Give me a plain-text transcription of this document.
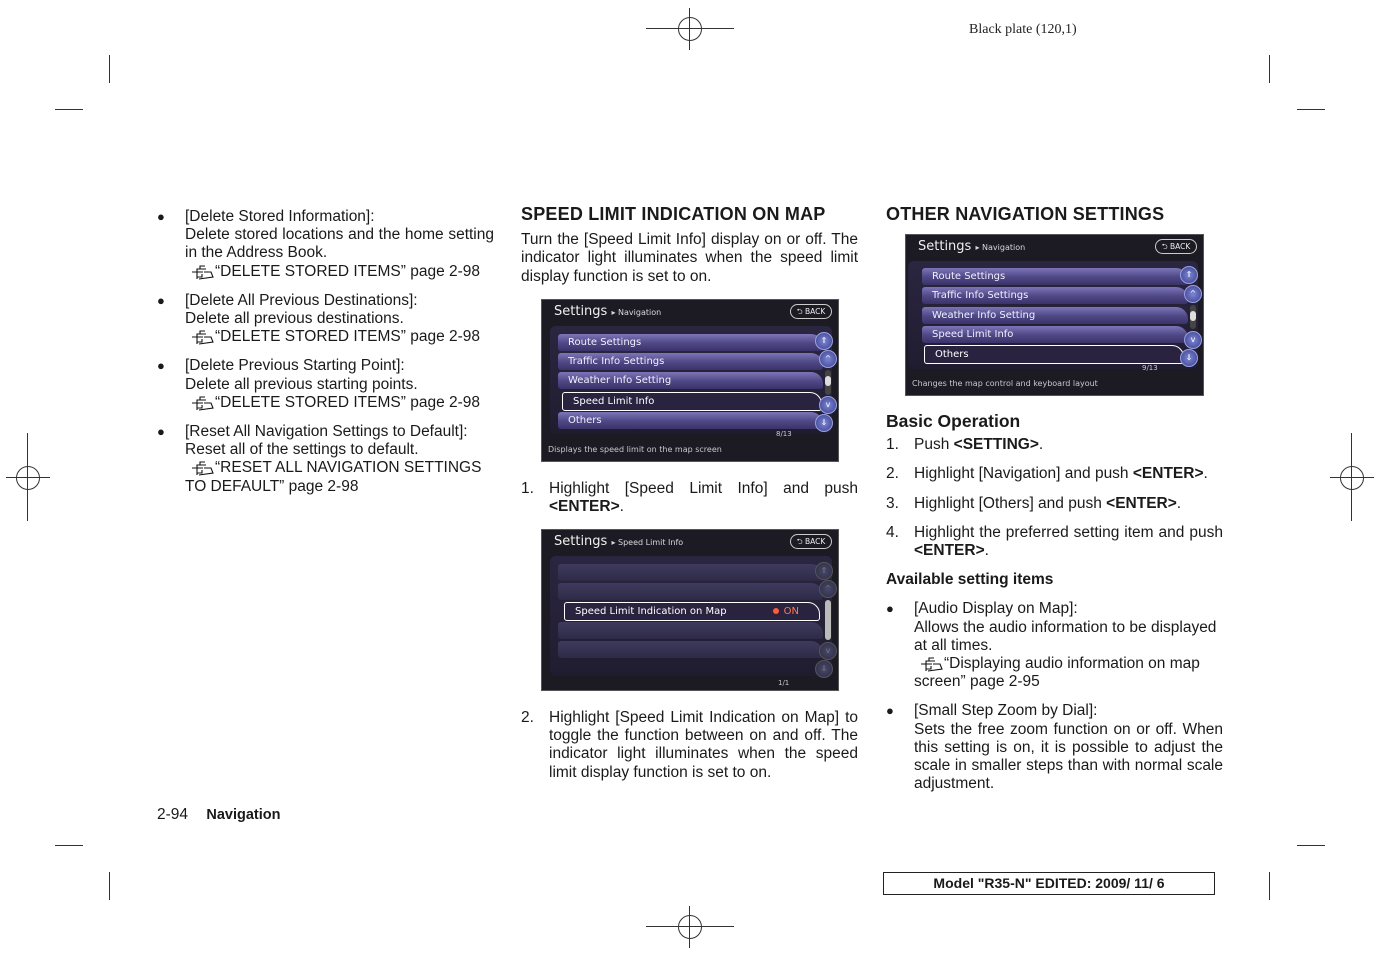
Black plate (120,1)
● [Delete Stored Information]:
Delete stored locations and the home setting in the Address Book.
“DELETE STORED ITEMS” page 2-98
● [Delete All Previous Destinations]:
Delete all previous destinations.
“DELETE STORED ITEMS” page 2-98
● [Delete Previous Starting Point]:
Delete all previous starting points.
“DELETE STORED ITEMS” page 2-98
● [Reset All Navigation Settings to Default]:
Reset all of the settings to default.
“RESET ALL NAVIGATION SETTINGS
TO DEFAULT” page 2-98
SPEED LIMIT INDICATION ON MAP
Turn the [Speed Limit Info] display on or off. The indicator light illuminates when the speed limit display function is set to on.
Settings ▸ Navigation	⮌ BACK
Route Settings
Traffic Info Settings
Weather Info Setting
Speed Limit Info
Others
⇑
^
v
⇓
8/13
Displays the speed limit on the map screen
1. Highlight [Speed Limit Info] and push <ENTER>.
Settings ▸ Speed Limit Info	⮌ BACK
Speed Limit Indication on Map	ON
⇑
^
v
⇓
1/1
2. Highlight [Speed Limit Indication on Map] to toggle the function between on and off. The indicator light illuminates when the speed limit display function is set to on.
OTHER NAVIGATION SETTINGS
Settings ▸ Navigation	⮌ BACK
Route Settings
Traffic Info Settings
Weather Info Setting
Speed Limit Info
Others
⇑
^
v
⇓
9/13
Changes the map control and keyboard layout
Basic Operation
1. Push <SETTING>.
2. Highlight [Navigation] and push <ENTER>.
3. Highlight [Others] and push <ENTER>.
4. Highlight the preferred setting item and push <ENTER>.
Available setting items
● [Audio Display on Map]:
Allows the audio information to be displayed at all times.
“Displaying audio information on map
screen” page 2-95
● [Small Step Zoom by Dial]:
Sets the free zoom function on or off. When this setting is on, it is possible to adjust the scale in smaller steps than with normal scale adjustment.
2-94 Navigation
Model "R35-N" EDITED: 2009/ 11/ 6
